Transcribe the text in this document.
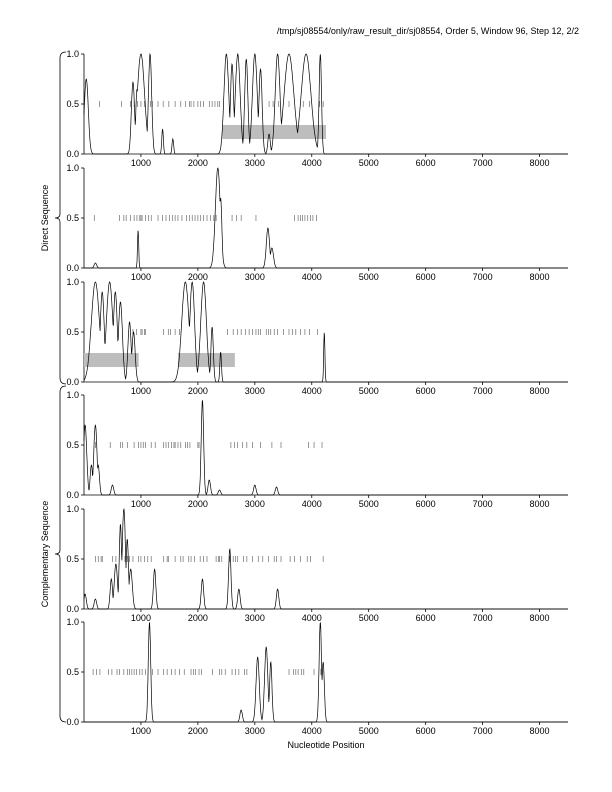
/tmp/sj08554/only/raw_result_dir/sj08554, Order 5, Window 96, Step 12, 2/2
0.0
0.5
1.0
1000	2000	3000	4000	5000	6000	7000	8000
0.0
0.5
1.0
1000	2000	3000	4000	5000	6000	7000	8000
0.0
0.5
1.0
1000	2000	3000	4000	5000	6000	7000	8000
0.0
0.5
1.0
1000	2000	3000	4000	5000	6000	7000	8000
0.0
0.5
1.0
1000	2000	3000	4000	5000	6000	7000	8000
0.0
0.5
1.0
1000	2000	3000	4000	5000	6000	7000	8000
Nucleotide Position
Direct Sequence
Complementary Sequence
